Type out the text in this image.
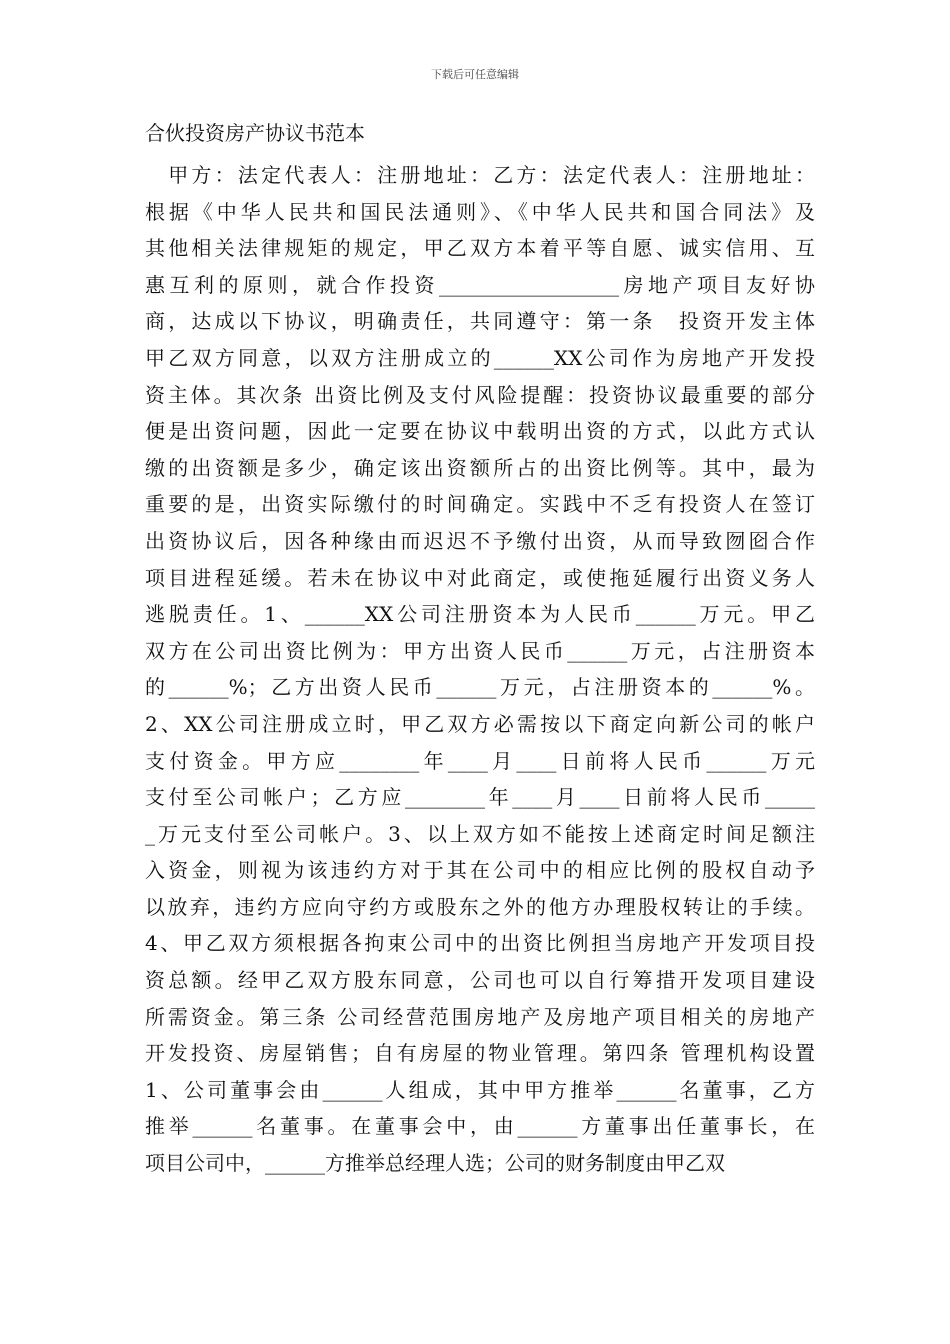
下载后可任意编辑
合伙投资房产协议书范本
　甲方：法定代表人：注册地址：乙方：法定代表人：注册地址：
根据《中华人民共和国民法通则》、《中华人民共和国合同法》及
其他相关法律规矩的规定，甲乙双方本着平等自愿、诚实信用、互
惠互利的原则，就合作投资__________________房地产项目友好协
商，达成以下协议，明确责任，共同遵守：第一条　投资开发主体
甲乙双方同意，以双方注册成立的______XX公司作为房地产开发投
资主体。其次条 出资比例及支付风险提醒：投资协议最重要的部分
便是出资问题，因此一定要在协议中载明出资的方式，以此方式认
缴的出资额是多少，确定该出资额所占的出资比例等。其中，最为
重要的是，出资实际缴付的时间确定。实践中不乏有投资人在签订
出资协议后，因各种缘由而迟迟不予缴付出资，从而导致囫囵合作
项目进程延缓。若未在协议中对此商定，或使拖延履行出资义务人
逃脱责任。1、______XX公司注册资本为人民币______万元。甲乙
双方在公司出资比例为：甲方出资人民币______万元，占注册资本
的______%；乙方出资人民币______万元，占注册资本的______%。
2、XX公司注册成立时，甲乙双方必需按以下商定向新公司的帐户
支付资金。甲方应________年____月____日前将人民币______万元
支付至公司帐户；乙方应________年____月____日前将人民币_____
_万元支付至公司帐户。3、以上双方如不能按上述商定时间足额注
入资金，则视为该违约方对于其在公司中的相应比例的股权自动予
以放弃，违约方应向守约方或股东之外的他方办理股权转让的手续。
4、甲乙双方须根据各拘束公司中的出资比例担当房地产开发项目投
资总额。经甲乙双方股东同意，公司也可以自行筹措开发项目建设
所需资金。第三条 公司经营范围房地产及房地产项目相关的房地产
开发投资、房屋销售；自有房屋的物业管理。第四条 管理机构设置
1、公司董事会由______人组成，其中甲方推举______名董事，乙方
推举______名董事。在董事会中，由______方董事出任董事长，在
项目公司中，______方推举总经理人选；公司的财务制度由甲乙双
